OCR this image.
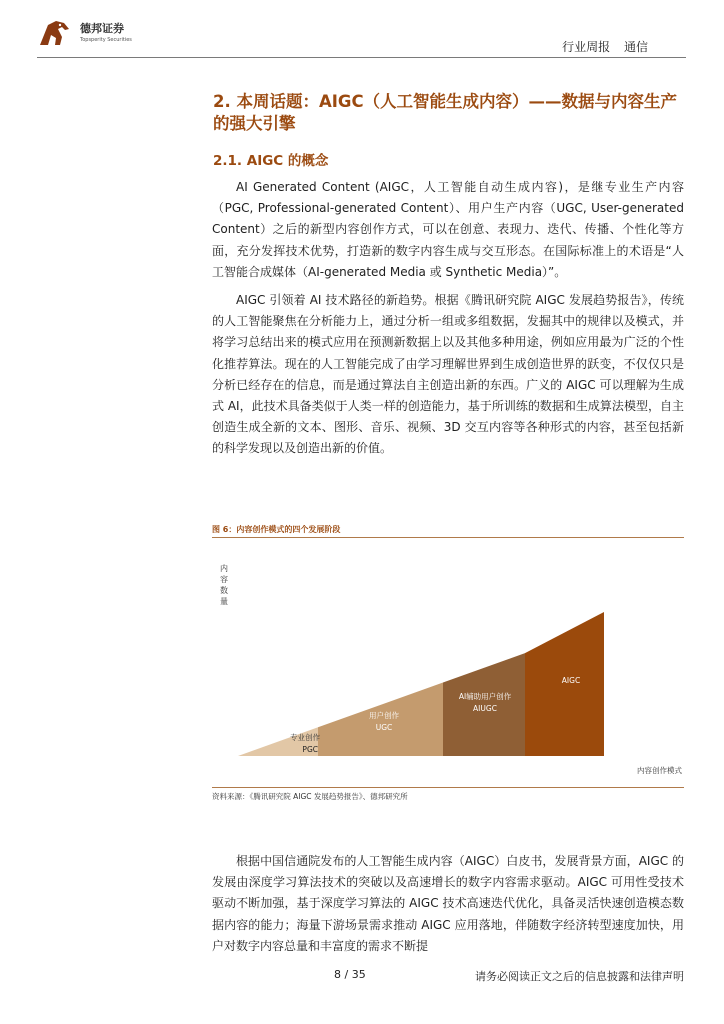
德邦证券
Topsperity Securities	行业周报 通信
2. 本周话题：AIGC（人工智能生成内容）——数据与内容生产的强大引擎
2.1. AIGC 的概念

AI Generated Content (AIGC，人工智能自动生成内容)，是继专业生产内容（PGC, Professional-generated Content）、用户生产内容（UGC, User-generated Content）之后的新型内容创作方式，可以在创意、表现力、迭代、传播、个性化等方面，充分发挥技术优势，打造新的数字内容生成与交互形态。在国际标准上的术语是“人工智能合成媒体（AI-generated Media 或 Synthetic Media）”。

AIGC 引领着 AI 技术路径的新趋势。根据《腾讯研究院 AIGC 发展趋势报告》，传统的人工智能聚焦在分析能力上，通过分析一组或多组数据，发掘其中的规律以及模式，并将学习总结出来的模式应用在预测新数据上以及其他多种用途，例如应用最为广泛的个性化推荐算法。现在的人工智能完成了由学习理解世界到生成创造世界的跃变，不仅仅只是分析已经存在的信息，而是通过算法自主创造出新的东西。广义的 AIGC 可以理解为生成式 AI，此技术具备类似于人类一样的创造能力，基于所训练的数据和生成算法模型，自主创造生成全新的文本、图形、音乐、视频、3D 交互内容等各种形式的内容，甚至包括新的科学发现以及创造出新的价值。

图 6：内容创作模式的四个发展阶段
内容数量
专业创作
PGC
用户创作
UGC
AI辅助用户创作
AIUGC
AIGC
内容创作模式
资料来源：《腾讯研究院 AIGC 发展趋势报告》、德邦研究所

根据中国信通院发布的人工智能生成内容（AIGC）白皮书，发展背景方面，AIGC 的发展由深度学习算法技术的突破以及高速增长的数字内容需求驱动。AIGC 可用性受技术驱动不断加强，基于深度学习算法的 AIGC 技术高速迭代优化，具备灵活快速创造模态数据内容的能力；海量下游场景需求推动 AIGC 应用落地，伴随数字经济转型速度加快，用户对数字内容总量和丰富度的需求不断提

8 / 35	请务必阅读正文之后的信息披露和法律声明
